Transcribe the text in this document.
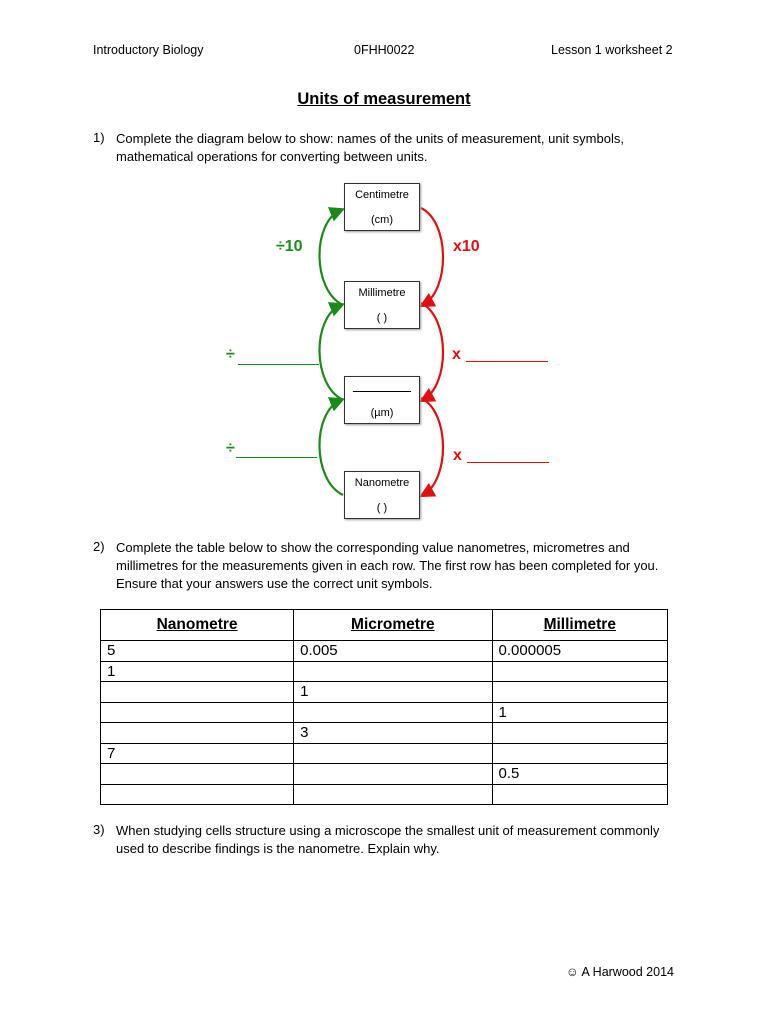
Introductory Biology	0FHH0022	Lesson 1 worksheet 2
Units of measurement
1) Complete the diagram below to show: names of the units of measurement, unit symbols, mathematical operations for converting between units.
Centimetre
(cm)
Millimetre
( )
(µm)
Nanometre
( )
÷10	x10
÷	x
÷	x
2) Complete the table below to show the corresponding value nanometres, micrometres and millimetres for the measurements given in each row. The first row has been completed for you. Ensure that your answers use the correct unit symbols.
Nanometre	Micrometre	Millimetre
5	0.005	0.000005
1		
	1	
		1
	3	
7		
		0.5

3) When studying cells structure using a microscope the smallest unit of measurement commonly used to describe findings is the nanometre. Explain why.
☺ A Harwood 2014
